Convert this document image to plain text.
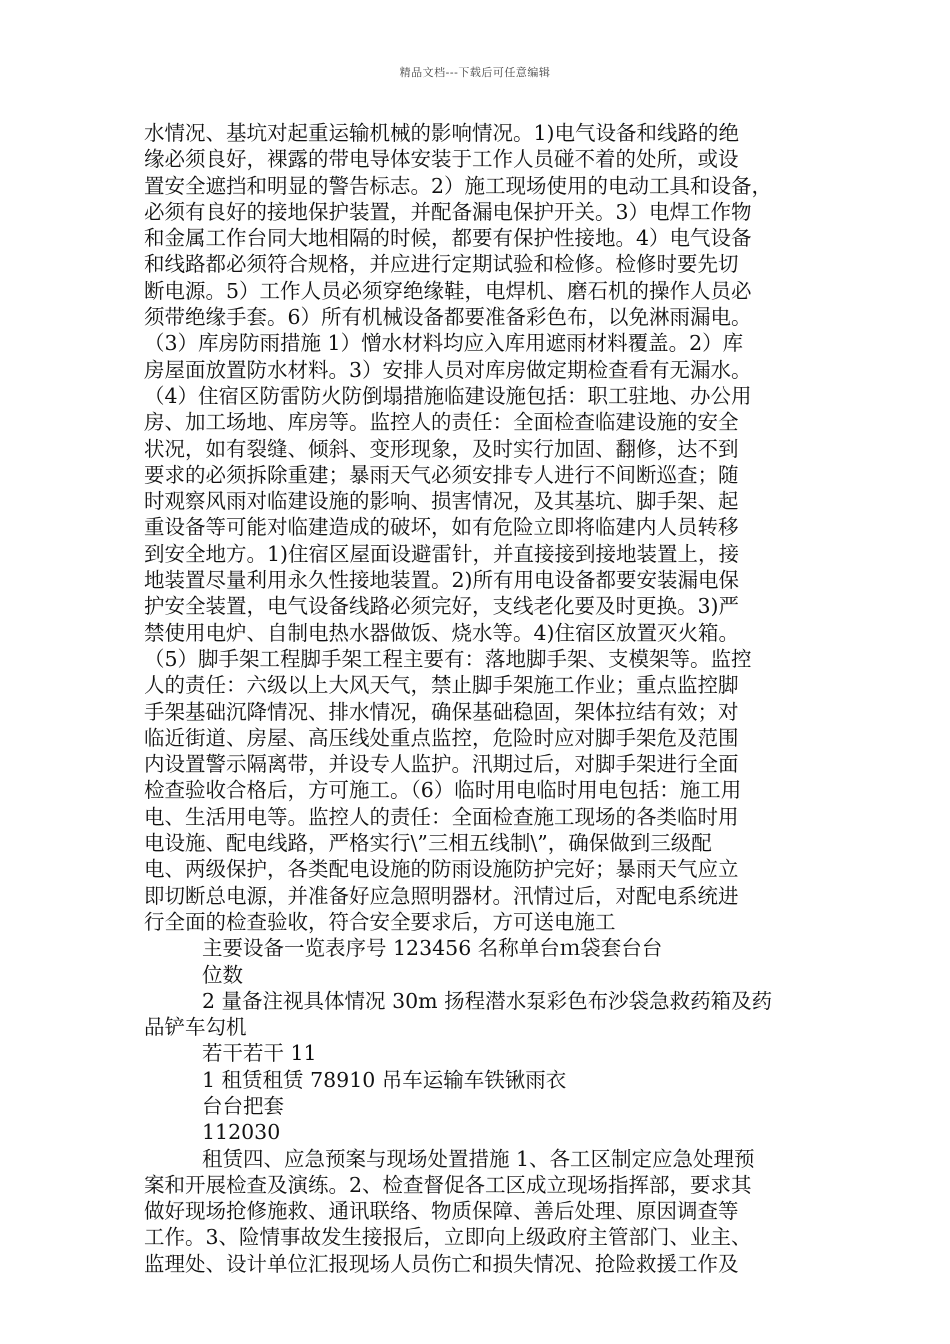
精品文档---下载后可任意编辑
水情况、基坑对起重运输机械的影响情况。1)电气设备和线路的绝
缘必须良好，裸露的带电导体安装于工作人员碰不着的处所，或设
置安全遮挡和明显的警告标志。2）施工现场使用的电动工具和设备，
必须有良好的接地保护装置，并配备漏电保护开关。3）电焊工作物
和金属工作台同大地相隔的时候，都要有保护性接地。4）电气设备
和线路都必须符合规格，并应进行定期试验和检修。检修时要先切
断电源。5）工作人员必须穿绝缘鞋，电焊机、磨石机的操作人员必
须带绝缘手套。6）所有机械设备都要准备彩色布，以免淋雨漏电。
（3）库房防雨措施 1）憎水材料均应入库用遮雨材料覆盖。2）库
房屋面放置防水材料。3）安排人员对库房做定期检查看有无漏水。
（4）住宿区防雷防火防倒塌措施临建设施包括：职工驻地、办公用
房、加工场地、库房等。监控人的责任：全面检查临建设施的安全
状况，如有裂缝、倾斜、变形现象，及时实行加固、翻修，达不到
要求的必须拆除重建；暴雨天气必须安排专人进行不间断巡查；随
时观察风雨对临建设施的影响、损害情况，及其基坑、脚手架、起
重设备等可能对临建造成的破坏，如有危险立即将临建内人员转移
到安全地方。1)住宿区屋面设避雷针，并直接接到接地装置上，接
地装置尽量利用永久性接地装置。2)所有用电设备都要安装漏电保
护安全装置，电气设备线路必须完好，支线老化要及时更换。3)严
禁使用电炉、自制电热水器做饭、烧水等。4)住宿区放置灭火箱。
（5）脚手架工程脚手架工程主要有：落地脚手架、支模架等。监控
人的责任：六级以上大风天气，禁止脚手架施工作业；重点监控脚
手架基础沉降情况、排水情况，确保基础稳固，架体拉结有效；对
临近街道、房屋、高压线处重点监控，危险时应对脚手架危及范围
内设置警示隔离带，并设专人监护。汛期过后，对脚手架进行全面
检查验收合格后，方可施工。（6）临时用电临时用电包括：施工用
电、生活用电等。监控人的责任：全面检查施工现场的各类临时用
电设施、配电线路，严格实行\”三相五线制\”，确保做到三级配
电、两级保护，各类配电设施的防雨设施防护完好；暴雨天气应立
即切断总电源，并准备好应急照明器材。汛情过后，对配电系统进
行全面的检查验收，符合安全要求后，方可送电施工
主要设备一览表序号 123456 名称单台ｍ袋套台台
位数
2 量备注视具体情况 30m 扬程潜水泵彩色布沙袋急救药箱及药
品铲车勾机
若干若干 11
1 租赁租赁 78910 吊车运输车铁锹雨衣
台台把套
112030
租赁四、应急预案与现场处置措施 1、各工区制定应急处理预
案和开展检查及演练。2、检查督促各工区成立现场指挥部，要求其
做好现场抢修施救、通讯联络、物质保障、善后处理、原因调查等
工作。3、险情事故发生接报后，立即向上级政府主管部门、业主、
监理处、设计单位汇报现场人员伤亡和损失情况、抢险救援工作及
